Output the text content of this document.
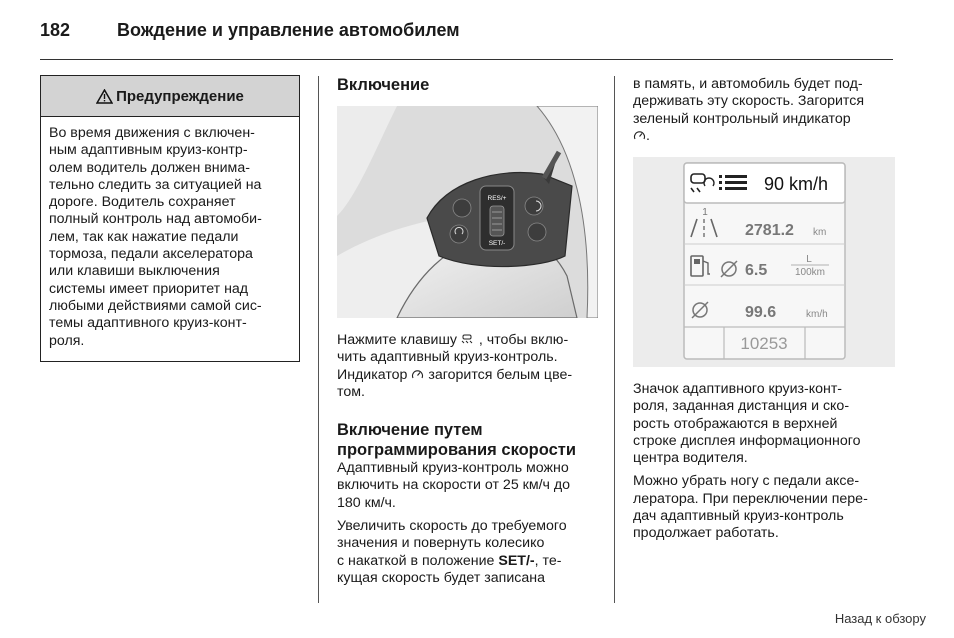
182	Вождение и управление автомобилем
Предупреждение
Во время движения с включен-
ным адаптивным круиз-контр-
олем водитель должен внима-
тельно следить за ситуацией на
дороге. Водитель сохраняет
полный контроль над автомоби-
лем, так как нажатие педали
тормоза, педали акселератора
или клавиши выключения
системы имеет приоритет над
любыми действиями самой сис-
темы адаптивного круиз-конт-
роля.
Включение
RES/+
SET/-
Нажмите клавишу , чтобы вклю-
чить адаптивный круиз-контроль.
Индикатор загорится белым цве-
том.
Включение путем
программирования скорости
Адаптивный круиз-контроль можно
включить на скорости от 25 км/ч до
180 км/ч.
Увеличить скорость до требуемого
значения и повернуть колесико
с накаткой в положение SET/-, те-
кущая скорость будет записана
в память, и автомобиль будет под-
держивать эту скорость. Загорится
зеленый контрольный индикатор
.
90 km/h
1
2781.2 km
6.5
L
100km
99.6	km/h
10253
Значок адаптивного круиз-конт-
роля, заданная дистанция и ско-
рость отображаются в верхней
строке дисплея информационного
центра водителя.
Можно убрать ногу с педали аксе-
лератора. При переключении пере-
дач адаптивный круиз-контроль
продолжает работать.
Назад к обзору
